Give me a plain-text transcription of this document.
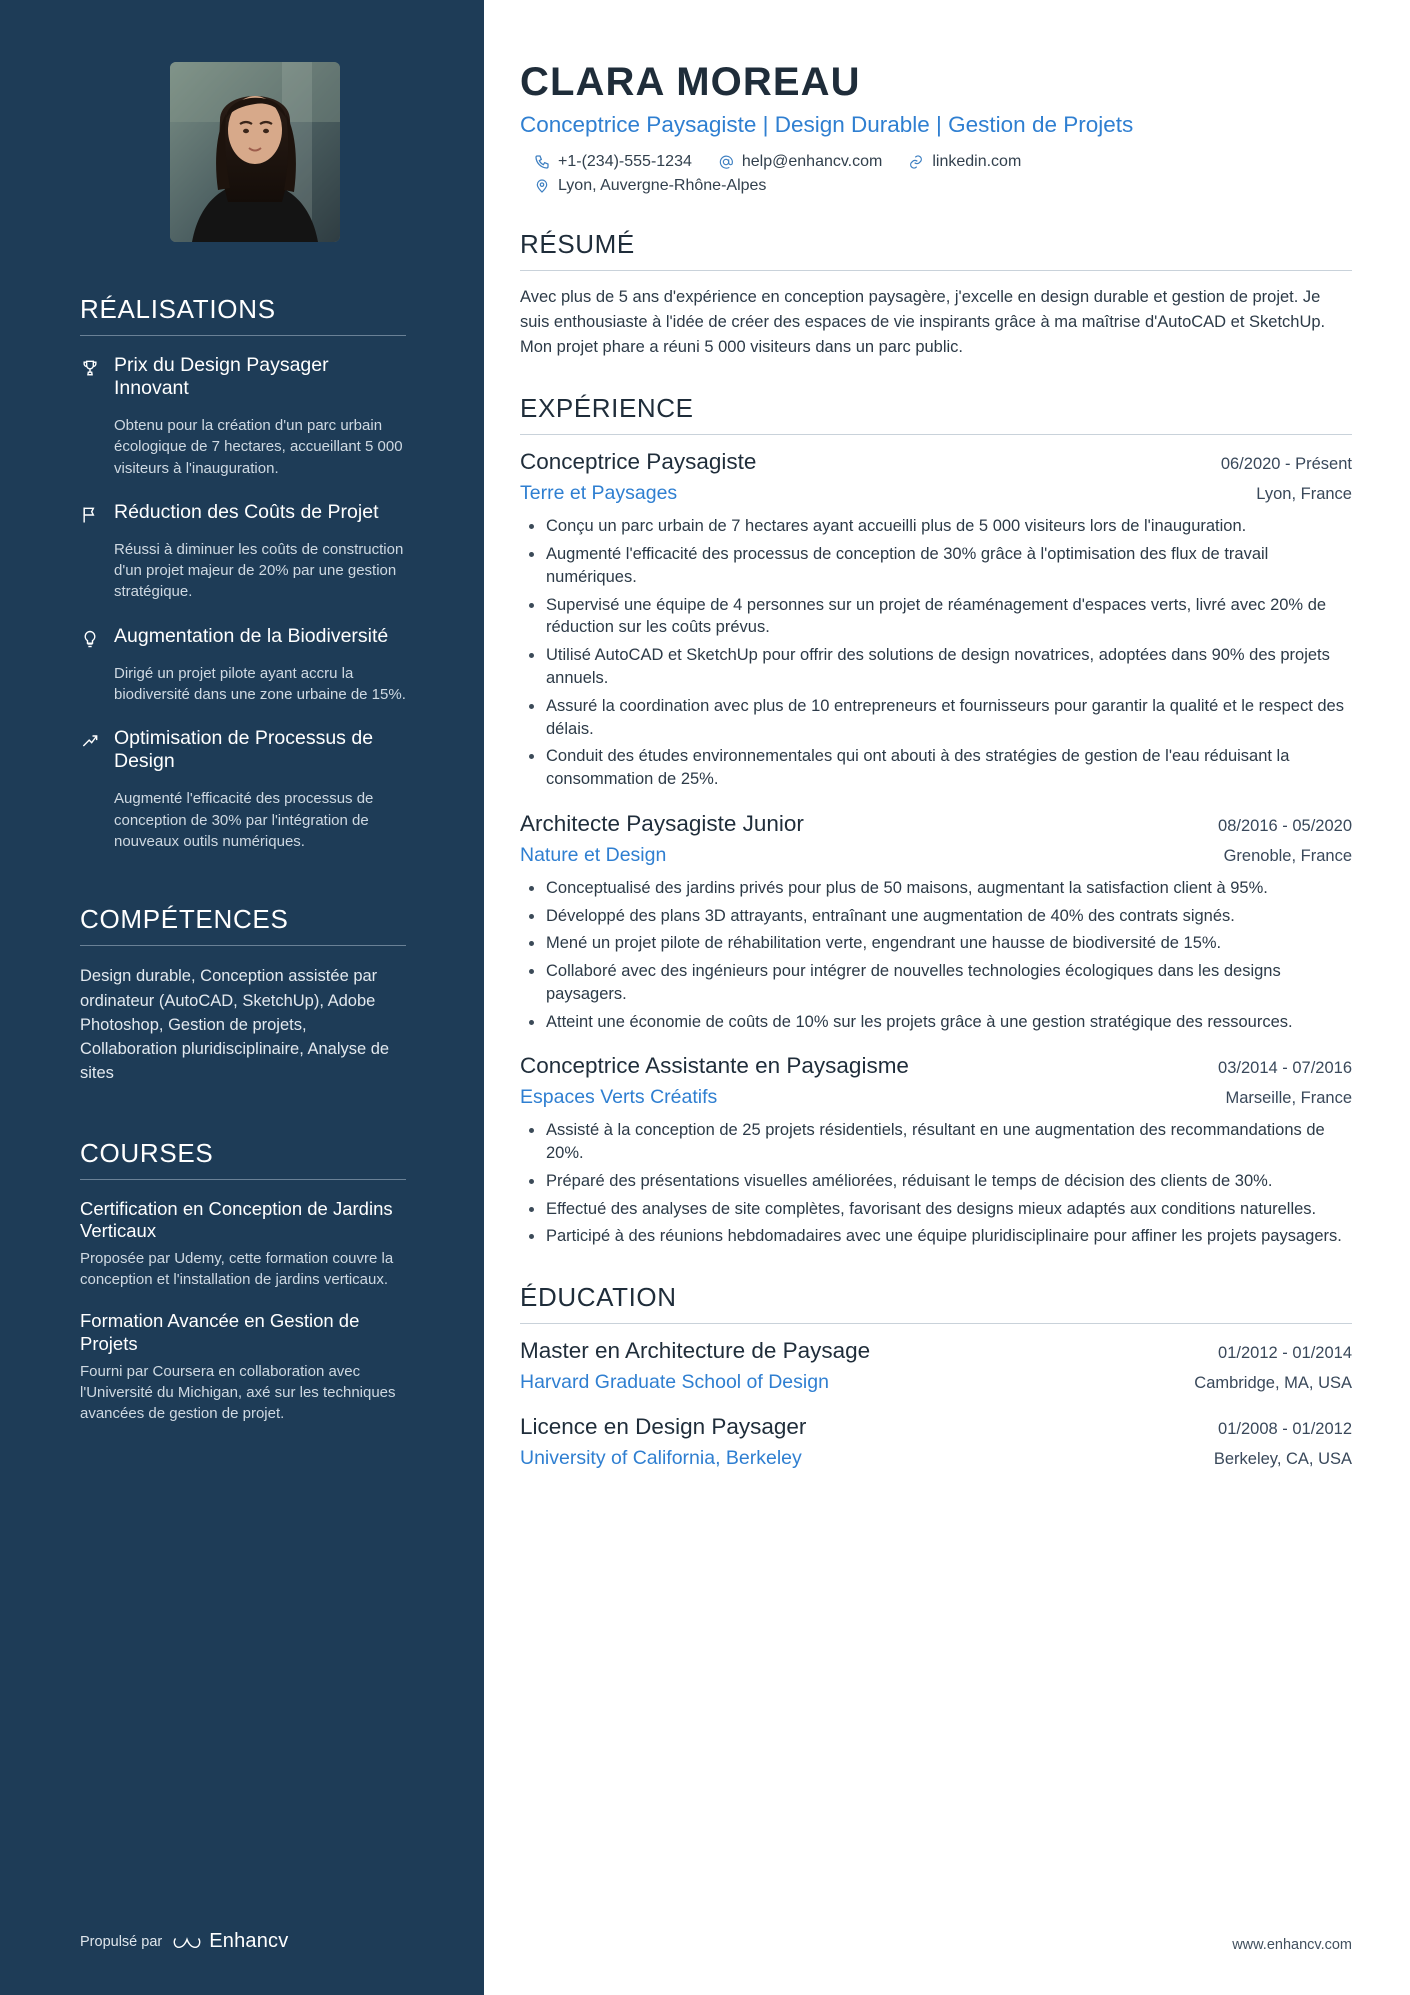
RÉALISATIONS
Prix du Design Paysager Innovant
Obtenu pour la création d'un parc urbain écologique de 7 hectares, accueillant 5 000 visiteurs à l'inauguration.
Réduction des Coûts de Projet
Réussi à diminuer les coûts de construction d'un projet majeur de 20% par une gestion stratégique.
Augmentation de la Biodiversité
Dirigé un projet pilote ayant accru la biodiversité dans une zone urbaine de 15%.
Optimisation de Processus de Design
Augmenté l'efficacité des processus de conception de 30% par l'intégration de nouveaux outils numériques.
COMPÉTENCES

Design durable, Conception assistée par ordinateur (AutoCAD, SketchUp), Adobe Photoshop, Gestion de projets, Collaboration pluridisciplinaire, Analyse de sites

COURSES
Certification en Conception de Jardins Verticaux
Proposée par Udemy, cette formation couvre la conception et l'installation de jardins verticaux.
Formation Avancée en Gestion de Projets
Fourni par Coursera en collaboration avec l'Université du Michigan, axé sur les techniques avancées de gestion de projet.
Propulsé par Enhancv
CLARA MOREAU
Conceptrice Paysagiste | Design Durable | Gestion de Projets
+1-(234)-555-1234	help@enhancv.com	linkedin.com
Lyon, Auvergne-Rhône-Alpes
RÉSUMÉ

Avec plus de 5 ans d'expérience en conception paysagère, j'excelle en design durable et gestion de projet. Je suis enthousiaste à l'idée de créer des espaces de vie inspirants grâce à ma maîtrise d'AutoCAD et SketchUp. Mon projet phare a réuni 5 000 visiteurs dans un parc public.

EXPÉRIENCE
Conceptrice Paysagiste	06/2020 - Présent
Terre et Paysages	Lyon, France
Conçu un parc urbain de 7 hectares ayant accueilli plus de 5 000 visiteurs lors de l'inauguration.
Augmenté l'efficacité des processus de conception de 30% grâce à l'optimisation des flux de travail numériques.
Supervisé une équipe de 4 personnes sur un projet de réaménagement d'espaces verts, livré avec 20% de réduction sur les coûts prévus.
Utilisé AutoCAD et SketchUp pour offrir des solutions de design novatrices, adoptées dans 90% des projets annuels.
Assuré la coordination avec plus de 10 entrepreneurs et fournisseurs pour garantir la qualité et le respect des délais.
Conduit des études environnementales qui ont abouti à des stratégies de gestion de l'eau réduisant la consommation de 25%.
Architecte Paysagiste Junior	08/2016 - 05/2020
Nature et Design	Grenoble, France
Conceptualisé des jardins privés pour plus de 50 maisons, augmentant la satisfaction client à 95%.
Développé des plans 3D attrayants, entraînant une augmentation de 40% des contrats signés.
Mené un projet pilote de réhabilitation verte, engendrant une hausse de biodiversité de 15%.
Collaboré avec des ingénieurs pour intégrer de nouvelles technologies écologiques dans les designs paysagers.
Atteint une économie de coûts de 10% sur les projets grâce à une gestion stratégique des ressources.
Conceptrice Assistante en Paysagisme	03/2014 - 07/2016
Espaces Verts Créatifs	Marseille, France
Assisté à la conception de 25 projets résidentiels, résultant en une augmentation des recommandations de 20%.
Préparé des présentations visuelles améliorées, réduisant le temps de décision des clients de 30%.
Effectué des analyses de site complètes, favorisant des designs mieux adaptés aux conditions naturelles.
Participé à des réunions hebdomadaires avec une équipe pluridisciplinaire pour affiner les projets paysagers.
ÉDUCATION
Master en Architecture de Paysage	01/2012 - 01/2014
Harvard Graduate School of Design	Cambridge, MA, USA
Licence en Design Paysager	01/2008 - 01/2012
University of California, Berkeley	Berkeley, CA, USA
www.enhancv.com
